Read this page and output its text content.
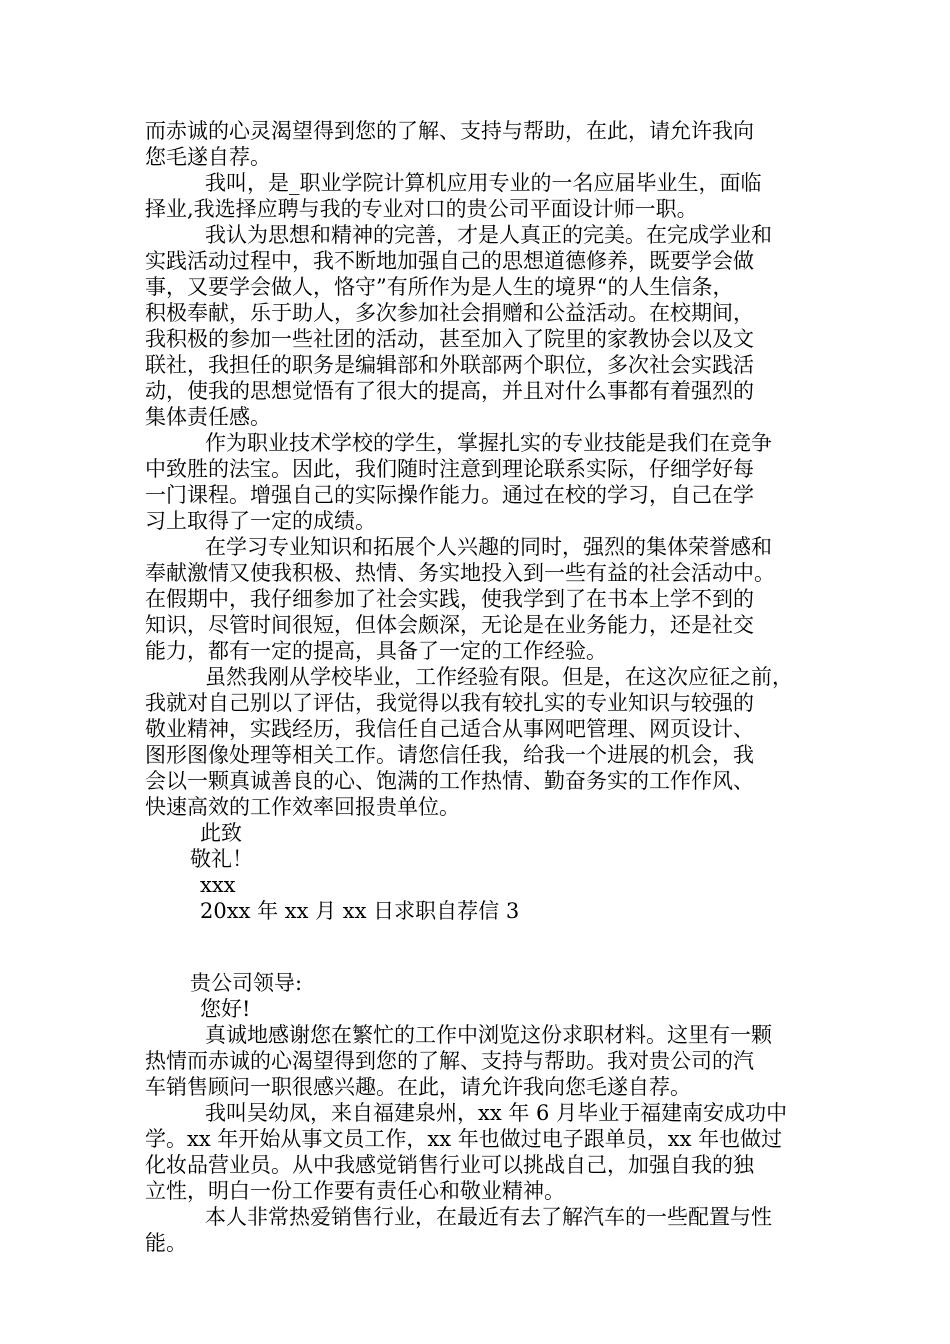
而赤诚的心灵渴望得到您的了解、支持与帮助，在此，请允许我向
您毛遂自荐。
我叫，是_职业学院计算机应用专业的一名应届毕业生，面临
择业,我选择应聘与我的专业对口的贵公司平面设计师一职。
我认为思想和精神的完善，才是人真正的完美。在完成学业和
实践活动过程中，我不断地加强自己的思想道德修养，既要学会做
事，又要学会做人，恪守”有所作为是人生的境界“的人生信条，
积极奉献，乐于助人，多次参加社会捐赠和公益活动。在校期间，
我积极的参加一些社团的活动，甚至加入了院里的家教协会以及文
联社，我担任的职务是编辑部和外联部两个职位，多次社会实践活
动，使我的思想觉悟有了很大的提高，并且对什么事都有着强烈的
集体责任感。
作为职业技术学校的学生，掌握扎实的专业技能是我们在竞争
中致胜的法宝。因此，我们随时注意到理论联系实际，仔细学好每
一门课程。增强自己的实际操作能力。通过在校的学习，自己在学
习上取得了一定的成绩。
在学习专业知识和拓展个人兴趣的同时，强烈的集体荣誉感和
奉献激情又使我积极、热情、务实地投入到一些有益的社会活动中。
在假期中，我仔细参加了社会实践，使我学到了在书本上学不到的
知识，尽管时间很短，但体会颇深，无论是在业务能力，还是社交
能力，都有一定的提高，具备了一定的工作经验。
虽然我刚从学校毕业，工作经验有限。但是，在这次应征之前，
我就对自己别以了评估，我觉得以我有较扎实的专业知识与较强的
敬业精神，实践经历，我信任自己适合从事网吧管理、网页设计、
图形图像处理等相关工作。请您信任我，给我一个进展的机会，我
会以一颗真诚善良的心、饱满的工作热情、勤奋务实的工作作风、
快速高效的工作效率回报贵单位。
此致
敬礼！
xxx
20xx 年 xx 月 xx 日求职自荐信 3
贵公司领导:
您好!
真诚地感谢您在繁忙的工作中浏览这份求职材料。这里有一颗
热情而赤诚的心渴望得到您的了解、支持与帮助。我对贵公司的汽
车销售顾问一职很感兴趣。在此，请允许我向您毛遂自荐。
我叫吴幼凤，来自福建泉州，xx 年 6 月毕业于福建南安成功中
学。xx 年开始从事文员工作，xx 年也做过电子跟单员，xx 年也做过
化妆品营业员。从中我感觉销售行业可以挑战自己，加强自我的独
立性，明白一份工作要有责任心和敬业精神。
本人非常热爱销售行业，在最近有去了解汽车的一些配置与性
能。
